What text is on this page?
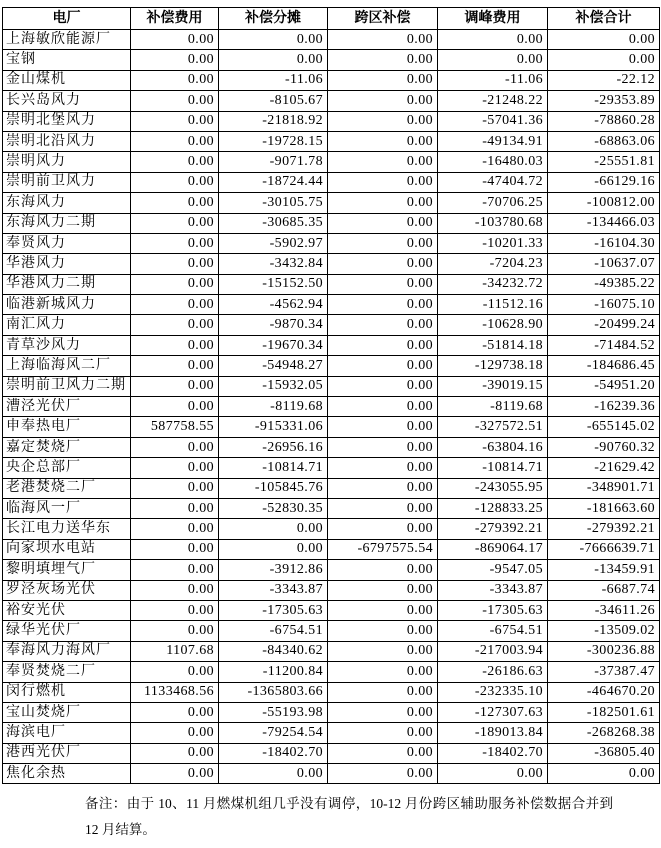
电厂	补偿费用	补偿分摊	跨区补偿	调峰费用	补偿合计
上海敏欣能源厂	0.00	0.00	0.00	0.00	0.00
宝钢	0.00	0.00	0.00	0.00	0.00
金山煤机	0.00	-11.06	0.00	-11.06	-22.12
长兴岛风力	0.00	-8105.67	0.00	-21248.22	-29353.89
崇明北堡风力	0.00	-21818.92	0.00	-57041.36	-78860.28
崇明北沿风力	0.00	-19728.15	0.00	-49134.91	-68863.06
崇明风力	0.00	-9071.78	0.00	-16480.03	-25551.81
崇明前卫风力	0.00	-18724.44	0.00	-47404.72	-66129.16
东海风力	0.00	-30105.75	0.00	-70706.25	-100812.00
东海风力二期	0.00	-30685.35	0.00	-103780.68	-134466.03
奉贤风力	0.00	-5902.97	0.00	-10201.33	-16104.30
华港风力	0.00	-3432.84	0.00	-7204.23	-10637.07
华港风力二期	0.00	-15152.50	0.00	-34232.72	-49385.22
临港新城风力	0.00	-4562.94	0.00	-11512.16	-16075.10
南汇风力	0.00	-9870.34	0.00	-10628.90	-20499.24
青草沙风力	0.00	-19670.34	0.00	-51814.18	-71484.52
上海临海风二厂	0.00	-54948.27	0.00	-129738.18	-184686.45
崇明前卫风力二期	0.00	-15932.05	0.00	-39019.15	-54951.20
漕泾光伏厂	0.00	-8119.68	0.00	-8119.68	-16239.36
申奉热电厂	587758.55	-915331.06	0.00	-327572.51	-655145.02
嘉定焚烧厂	0.00	-26956.16	0.00	-63804.16	-90760.32
央企总部厂	0.00	-10814.71	0.00	-10814.71	-21629.42
老港焚烧二厂	0.00	-105845.76	0.00	-243055.95	-348901.71
临海风一厂	0.00	-52830.35	0.00	-128833.25	-181663.60
长江电力送华东	0.00	0.00	0.00	-279392.21	-279392.21
向家坝水电站	0.00	0.00	-6797575.54	-869064.17	-7666639.71
黎明填埋气厂	0.00	-3912.86	0.00	-9547.05	-13459.91
罗泾灰场光伏	0.00	-3343.87	0.00	-3343.87	-6687.74
裕安光伏	0.00	-17305.63	0.00	-17305.63	-34611.26
绿华光伏厂	0.00	-6754.51	0.00	-6754.51	-13509.02
奉海风力海风厂	1107.68	-84340.62	0.00	-217003.94	-300236.88
奉贤焚烧二厂	0.00	-11200.84	0.00	-26186.63	-37387.47
闵行燃机	1133468.56	-1365803.66	0.00	-232335.10	-464670.20
宝山焚烧厂	0.00	-55193.98	0.00	-127307.63	-182501.61
海滨电厂	0.00	-79254.54	0.00	-189013.84	-268268.38
港西光伏厂	0.00	-18402.70	0.00	-18402.70	-36805.40
焦化余热	0.00	0.00	0.00	0.00	0.00
备注：由于 10、11 月燃煤机组几乎没有调停，10-12 月份跨区辅助服务补偿数据合并到 12 月结算。
